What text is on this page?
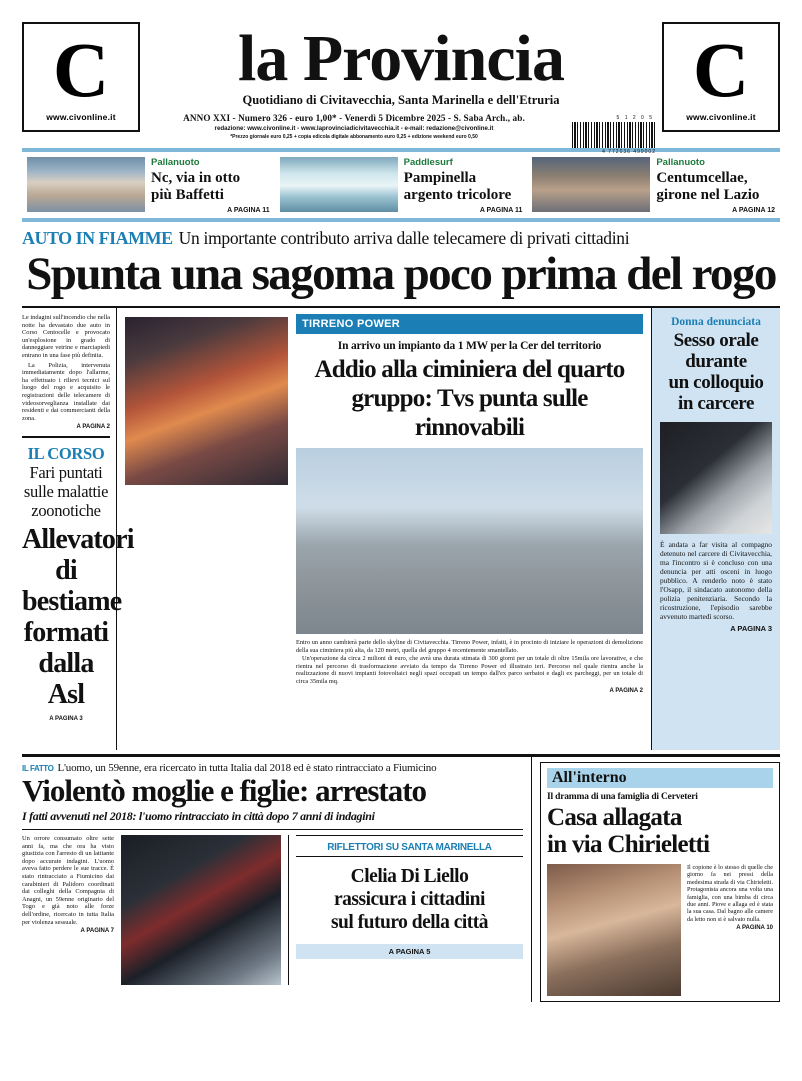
C
www.civonline.it
la Provincia
Quotidiano di Civitavecchia, Santa Marinella e dell'Etruria
ANNO XXI - Numero 326 - euro 1,00* - Venerdì 5 Dicembre 2025 - S. Saba Arch., ab.
redazione: www.civonline.it - www.laprovinciadicivitavecchia.it - e-mail: redazione@civonline.it
*Prezzo giornale euro 0,25 + copia edicola digitale abbonamento euro 0,25 + edizione weekend euro 0,50
5 1 2 0 5
4 772036 499002
C
www.civonline.it
Pallanuoto
Nc, via in otto
più Baffetti
A PAGINA 11
Paddlesurf
Pampinella
argento tricolore
A PAGINA 11
Pallanuoto
Centumcellae,
girone nel Lazio
A PAGINA 12
AUTO IN FIAMME Un importante contributo arriva dalle telecamere di privati cittadini
Spunta una sagoma poco prima del rogo

Le indagini sull'incendio che nella notte ha devastato due auto in Corso Centocelle e provocato un'esplosione in grado di danneggiare vetrine e marciapiedi entrano in una fase più definita.

La Polizia, intervenuta immediatamente dopo l'allarme, ha effettuato i rilievi tecnici sul luogo del rogo e acquisito le registrazioni delle telecamere di videosorveglianza installate dai residenti e dai commercianti della zona.

A PAGINA 2
IL CORSO Fari puntati sulle malattie zoonotiche
Allevatori di bestiame formati dalla Asl
A PAGINA 3
TIRRENO POWER
In arrivo un impianto da 1 MW per la Cer del territorio
Addio alla ciminiera del quarto
gruppo: Tvs punta sulle rinnovabili

Entro un anno cambierà parte dello skyline di Civitavecchia. Tirreno Power, infatti, è in procinto di iniziare le operazioni di demolizione della sua ciminiera più alta, da 120 metri, quella del gruppo 4 recentemente smantellato.

Un'operazione da circa 2 milioni di euro, che avrà una durata stimata di 300 giorni per un totale di oltre 15mila ore lavorative, e che rientra nel percorso di trasformazione avviato da tempo da Tirreno Power ed illustrato ieri. Percorso nel quale rientra anche la realizzazione di nuovi impianti fotovoltaici negli spazi occupati un tempo dall'ex parco serbatoi e dagli ex parcheggi, per un totale di circa 35mila mq.

A PAGINA 2
Donna denunciata
Sesso orale
durante
un colloquio
in carcere
È andata a far visita al compagno detenuto nel carcere di Civitavecchia, ma l'incontro si è concluso con una denuncia per atti osceni in luogo pubblico. A renderlo noto è stato l'Osapp, il sindacato autonomo della polizia penitenziaria. Secondo la ricostruzione, l'episodio sarebbe avvenuto martedì scorso.
A PAGINA 3
IL FATTO L'uomo, un 59enne, era ricercato in tutta Italia dal 2018 ed è stato rintracciato a Fiumicino
Violentò moglie e figlie: arrestato
I fatti avvenuti nel 2018: l'uomo rintracciato in città dopo 7 anni di indagini
Un orrore consumato oltre sette anni fa, ma che ora ha visto giustizia con l'arresto di un latitante dopo accurate indagini. L'uomo aveva fatto perdere le sue tracce. È stato rintracciato a Fiumicino dai carabinieri di Palidoro coordinati dai colleghi della Compagnia di Anagni, un 59enne originario del Togo e già noto alle forze dell'ordine, ricercato in tutta Italia per violenza sessuale.
A PAGINA 7
RIFLETTORI SU SANTA MARINELLA
Clelia Di Liello
rassicura i cittadini
sul futuro della città
A PAGINA 5
All'interno
Il dramma di una famiglia di Cerveteri
Casa allagata
in via Chirieletti
Il copione è lo stesso di quelle che giorno fa nei pressi della medesima strada di via Chirieletti. Protagonista ancora una volta una famiglia, con una bimba di circa due anni. Piove e allaga ed è stata la sua casa. Dal bagno alle camere da letto non si è salvato nulla.
A PAGINA 10
